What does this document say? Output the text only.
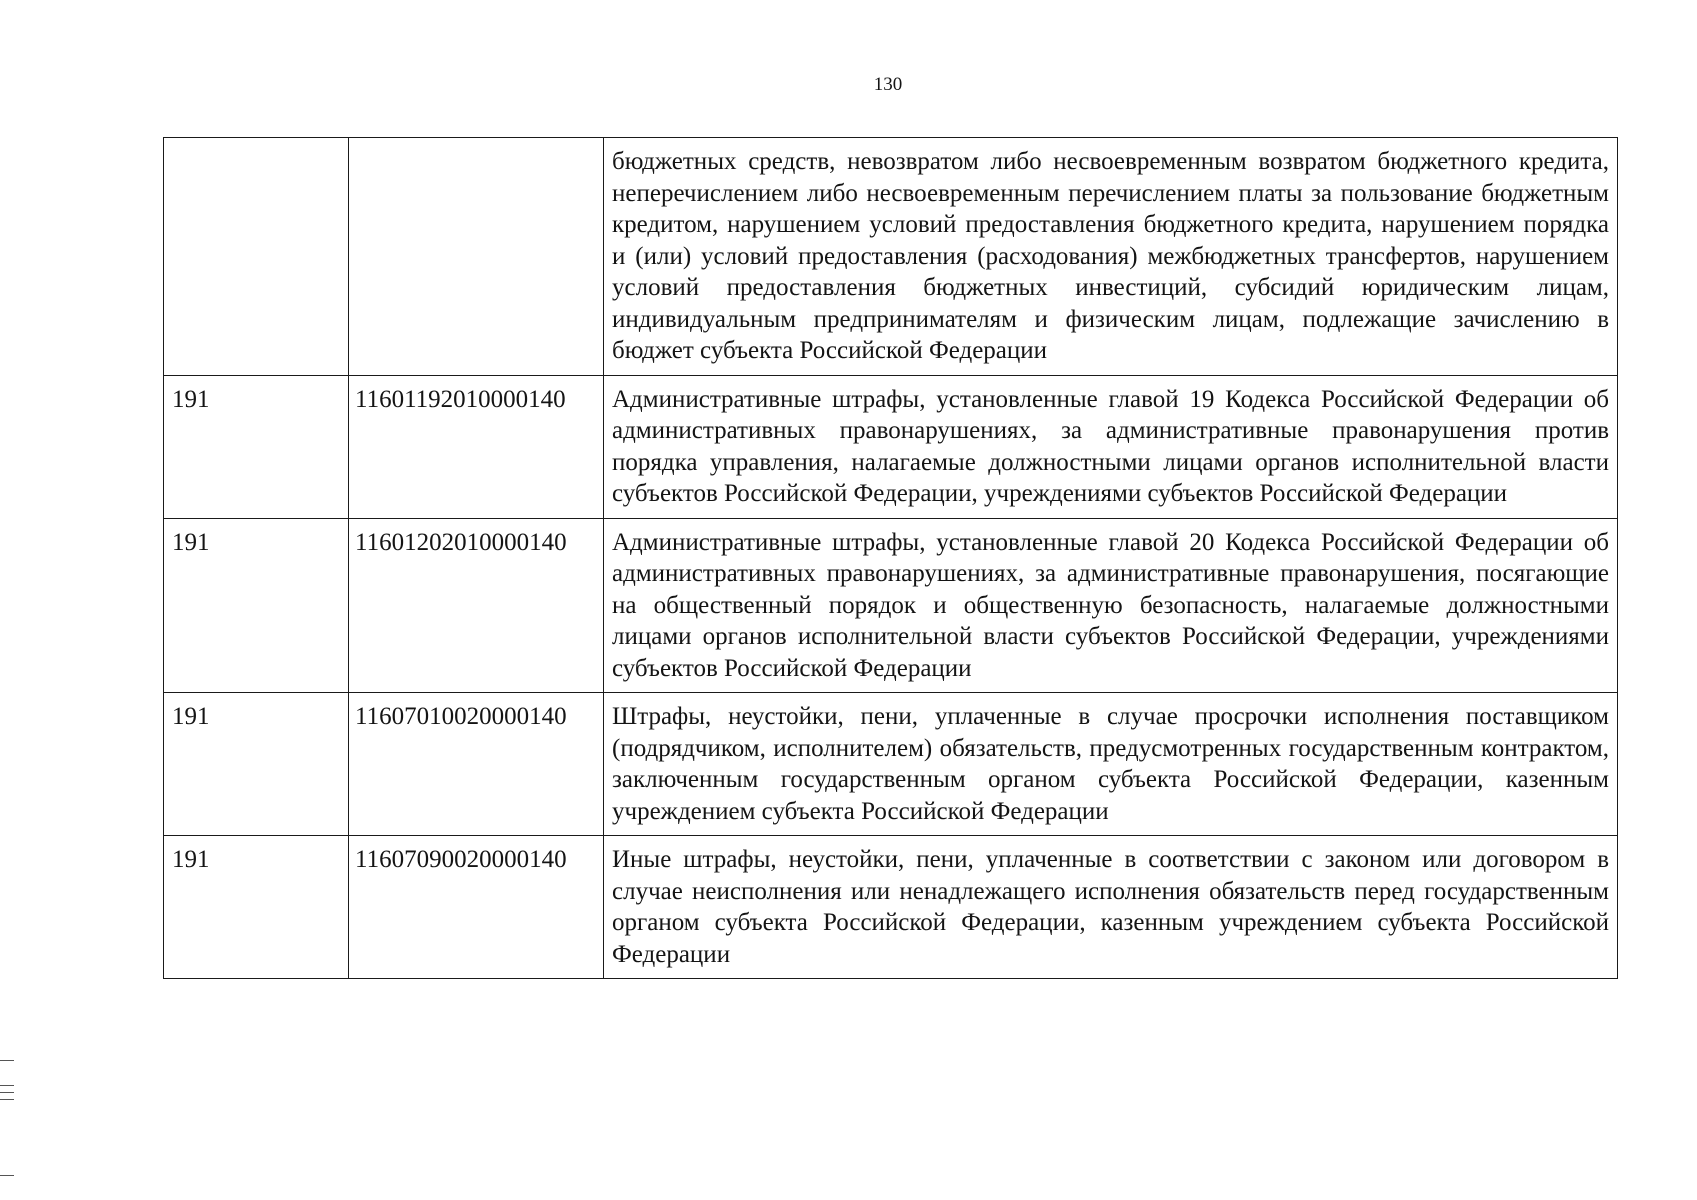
130
		бюджетных средств, невозвратом либо несвоевременным возвратом бюджетного кредита, неперечислением либо несвоевременным перечислением платы за пользование бюджетным кредитом, нарушением условий предоставления бюджетного кредита, нарушением порядка и (или) условий предоставления (расходования) межбюджетных трансфертов, нарушением условий предоставления бюджетных инвестиций, субсидий юридическим лицам, индивидуальным предпринимателям и физическим лицам, подлежащие зачислению в бюджет субъекта Российской Федерации
191	11601192010000140	Административные штрафы, установленные главой 19 Кодекса Российской Федерации об административных правонарушениях, за административные правонарушения против порядка управления, налагаемые должностными лицами органов исполнительной власти субъектов Российской Федерации, учреждениями субъектов Российской Федерации
191	11601202010000140	Административные штрафы, установленные главой 20 Кодекса Российской Федерации об административных правонарушениях, за административные правонарушения, посягающие на общественный порядок и общественную безопасность, налагаемые должностными лицами органов исполнительной власти субъектов Российской Федерации, учреждениями субъектов Российской Федерации
191	11607010020000140	Штрафы, неустойки, пени, уплаченные в случае просрочки исполнения поставщиком (подрядчиком, исполнителем) обязательств, предусмотренных государственным контрактом, заключенным государственным органом субъекта Российской Федерации, казенным учреждением субъекта Российской Федерации
191	11607090020000140	Иные штрафы, неустойки, пени, уплаченные в соответствии с законом или договором в случае неисполнения или ненадлежащего исполнения обязательств перед государственным органом субъекта Российской Федерации, казенным учреждением субъекта Российской Федерации
